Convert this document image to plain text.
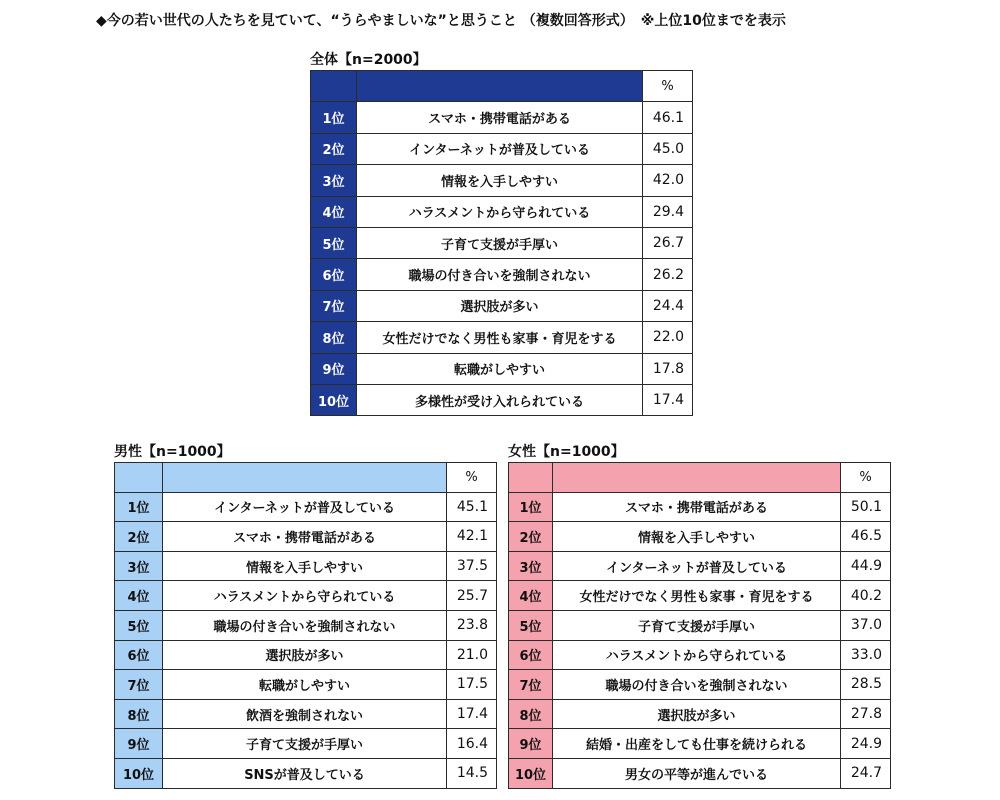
◆今の若い世代の人たちを見ていて、“うらやましいな”と思うこと （複数回答形式）　※上位10位までを表示
全体【n=2000】
		%
1位	スマホ・携帯電話がある	46.1
2位	インターネットが普及している	45.0
3位	情報を入手しやすい	42.0
4位	ハラスメントから守られている	29.4
5位	子育て支援が手厚い	26.7
6位	職場の付き合いを強制されない	26.2
7位	選択肢が多い	24.4
8位	女性だけでなく男性も家事・育児をする	22.0
9位	転職がしやすい	17.8
10位	多様性が受け入れられている	17.4
男性【n=1000】
		%
1位	インターネットが普及している	45.1
2位	スマホ・携帯電話がある	42.1
3位	情報を入手しやすい	37.5
4位	ハラスメントから守られている	25.7
5位	職場の付き合いを強制されない	23.8
6位	選択肢が多い	21.0
7位	転職がしやすい	17.5
8位	飲酒を強制されない	17.4
9位	子育て支援が手厚い	16.4
10位	SNSが普及している	14.5
女性【n=1000】
		%
1位	スマホ・携帯電話がある	50.1
2位	情報を入手しやすい	46.5
3位	インターネットが普及している	44.9
4位	女性だけでなく男性も家事・育児をする	40.2
5位	子育て支援が手厚い	37.0
6位	ハラスメントから守られている	33.0
7位	職場の付き合いを強制されない	28.5
8位	選択肢が多い	27.8
9位	結婚・出産をしても仕事を続けられる	24.9
10位	男女の平等が進んでいる	24.7
